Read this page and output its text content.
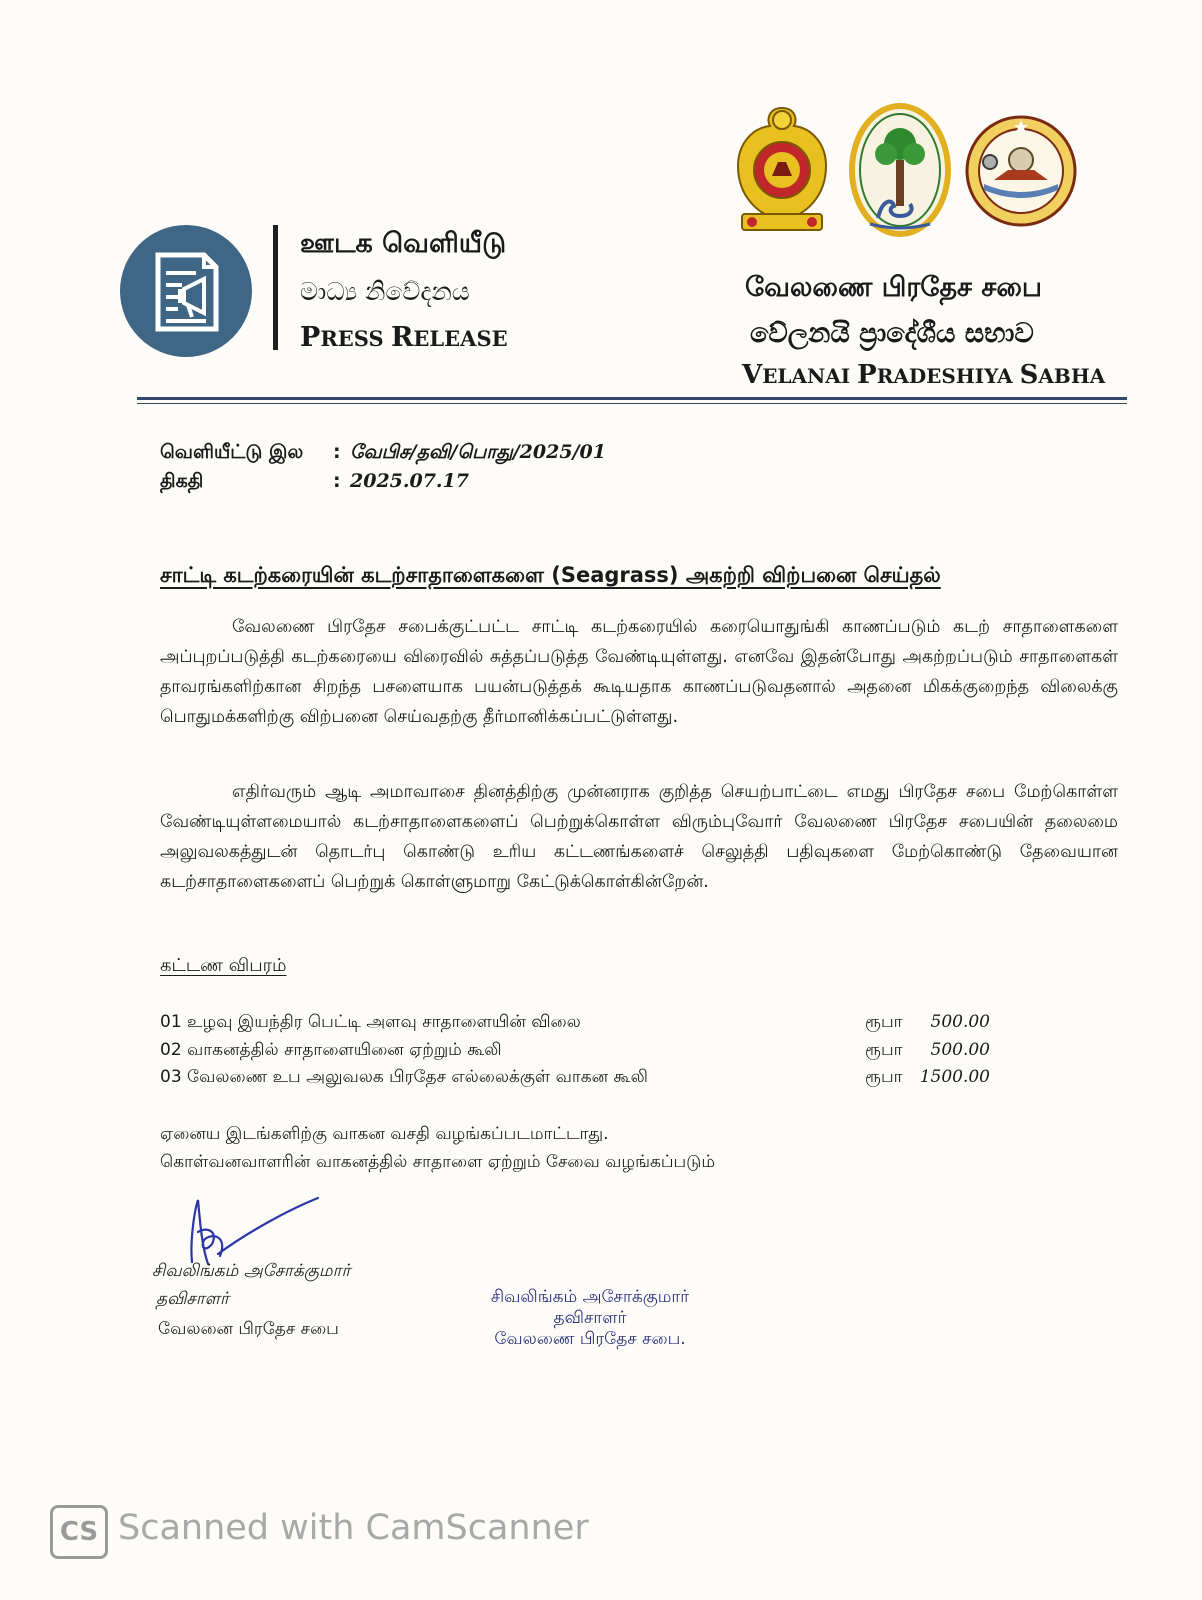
ஊடக வெளியீடு
මාධ්‍ය නිවේදනය
PRESS RELEASE
வேலணை பிரதேச சபை
වේලනයි ප්‍රාදේශීය සභාව
VELANAI PRADESHIYA SABHA
வெளியீட்டு இல : வேபிச/தவி/பொது/2025/01
திகதி	: 2025.07.17
சாட்டி கடற்கரையின் கடற்சாதாளைகளை (Seagrass) அகற்றி விற்பனை செய்தல்
வேலணை பிரதேச சபைக்குட்பட்ட சாட்டி கடற்கரையில் கரையொதுங்கி காணப்படும் கடற் சாதாளைகளை அப்புறப்படுத்தி கடற்கரையை விரைவில் சுத்தப்படுத்த வேண்டியுள்ளது. எனவே இதன்போது அகற்றப்படும் சாதாளைகள் தாவரங்களிற்கான சிறந்த பசளையாக பயன்படுத்தக் கூடியதாக காணப்படுவதனால் அதனை மிகக்குறைந்த விலைக்கு பொதுமக்களிற்கு விற்பனை செய்வதற்கு தீர்மானிக்கப்பட்டுள்ளது.
எதிர்வரும் ஆடி அமாவாசை தினத்திற்கு முன்னராக குறித்த செயற்பாட்டை எமது பிரதேச சபை மேற்கொள்ள வேண்டியுள்ளமையால் கடற்சாதாளைகளைப் பெற்றுக்கொள்ள விரும்புவோர் வேலணை பிரதேச சபையின் தலைமை அலுவலகத்துடன் தொடர்பு கொண்டு உரிய கட்டணங்களைச் செலுத்தி பதிவுகளை மேற்கொண்டு தேவையான கடற்சாதாளைகளைப் பெற்றுக் கொள்ளுமாறு கேட்டுக்கொள்கின்றேன்.
கட்டண விபரம்
01 உழவு இயந்திர பெட்டி அளவு சாதாளையின் விலை	ரூபா 500.00
02 வாகனத்தில் சாதாளையினை ஏற்றும் கூலி	ரூபா 500.00
03 வேலணை உப அலுவலக பிரதேச எல்லைக்குள் வாகன கூலி	ரூபா 1500.00
ஏனைய இடங்களிற்கு வாகன வசதி வழங்கப்படமாட்டாது.
கொள்வனவாளரின் வாகனத்தில் சாதாளை ஏற்றும் சேவை வழங்கப்படும்
சிவலிங்கம் அசோக்குமார்
தவிசாளர்
வேலனை பிரதேச சபை
சிவலிங்கம் அசோக்குமார்
தவிசாளர்
வேலணை பிரதேச சபை.
CS Scanned with CamScanner
